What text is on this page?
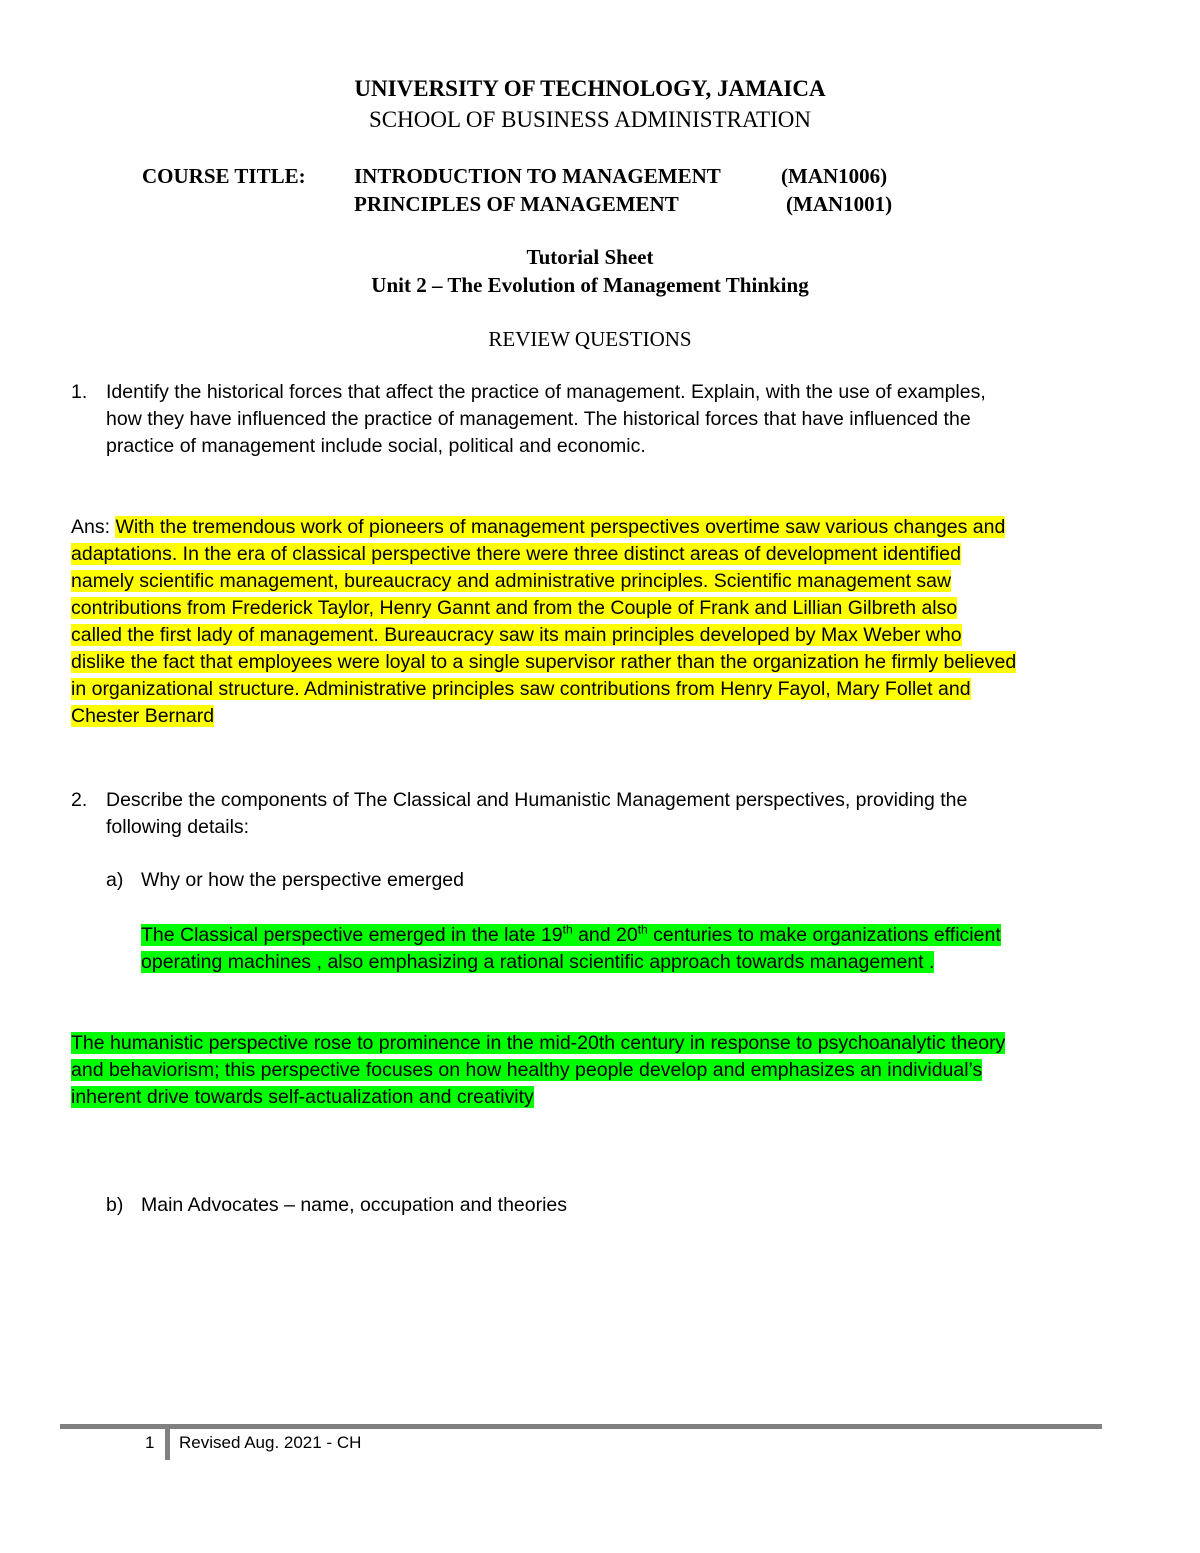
UNIVERSITY OF TECHNOLOGY, JAMAICA
SCHOOL OF BUSINESS ADMINISTRATION
COURSE TITLE: INTRODUCTION TO MANAGEMENT	(MAN1006)
PRINCIPLES OF MANAGEMENT	(MAN1001)
Tutorial Sheet
Unit 2 – The Evolution of Management Thinking
REVIEW QUESTIONS
1. Identify the historical forces that affect the practice of management. Explain, with the use of examples,
how they have influenced the practice of management. The historical forces that have influenced the
practice of management include social, political and economic.
Ans: With the tremendous work of pioneers of management perspectives overtime saw various changes and
adaptations. In the era of classical perspective there were three distinct areas of development identified
namely scientific management, bureaucracy and administrative principles. Scientific management saw
contributions from Frederick Taylor, Henry Gannt and from the Couple of Frank and Lillian Gilbreth also
called the first lady of management. Bureaucracy saw its main principles developed by Max Weber who
dislike the fact that employees were loyal to a single supervisor rather than the organization he firmly believed
in organizational structure. Administrative principles saw contributions from Henry Fayol, Mary Follet and
Chester Bernard
2. Describe the components of The Classical and Humanistic Management perspectives, providing the
following details:
a) Why or how the perspective emerged
The Classical perspective emerged in the late 19th and 20th centuries to make organizations efficient
operating machines , also emphasizing a rational scientific approach towards management .
The humanistic perspective rose to prominence in the mid-20th century in response to psychoanalytic theory
and behaviorism; this perspective focuses on how healthy people develop and emphasizes an individual’s
inherent drive towards self-actualization and creativity
b) Main Advocates – name, occupation and theories
1 Revised Aug. 2021 - CH
